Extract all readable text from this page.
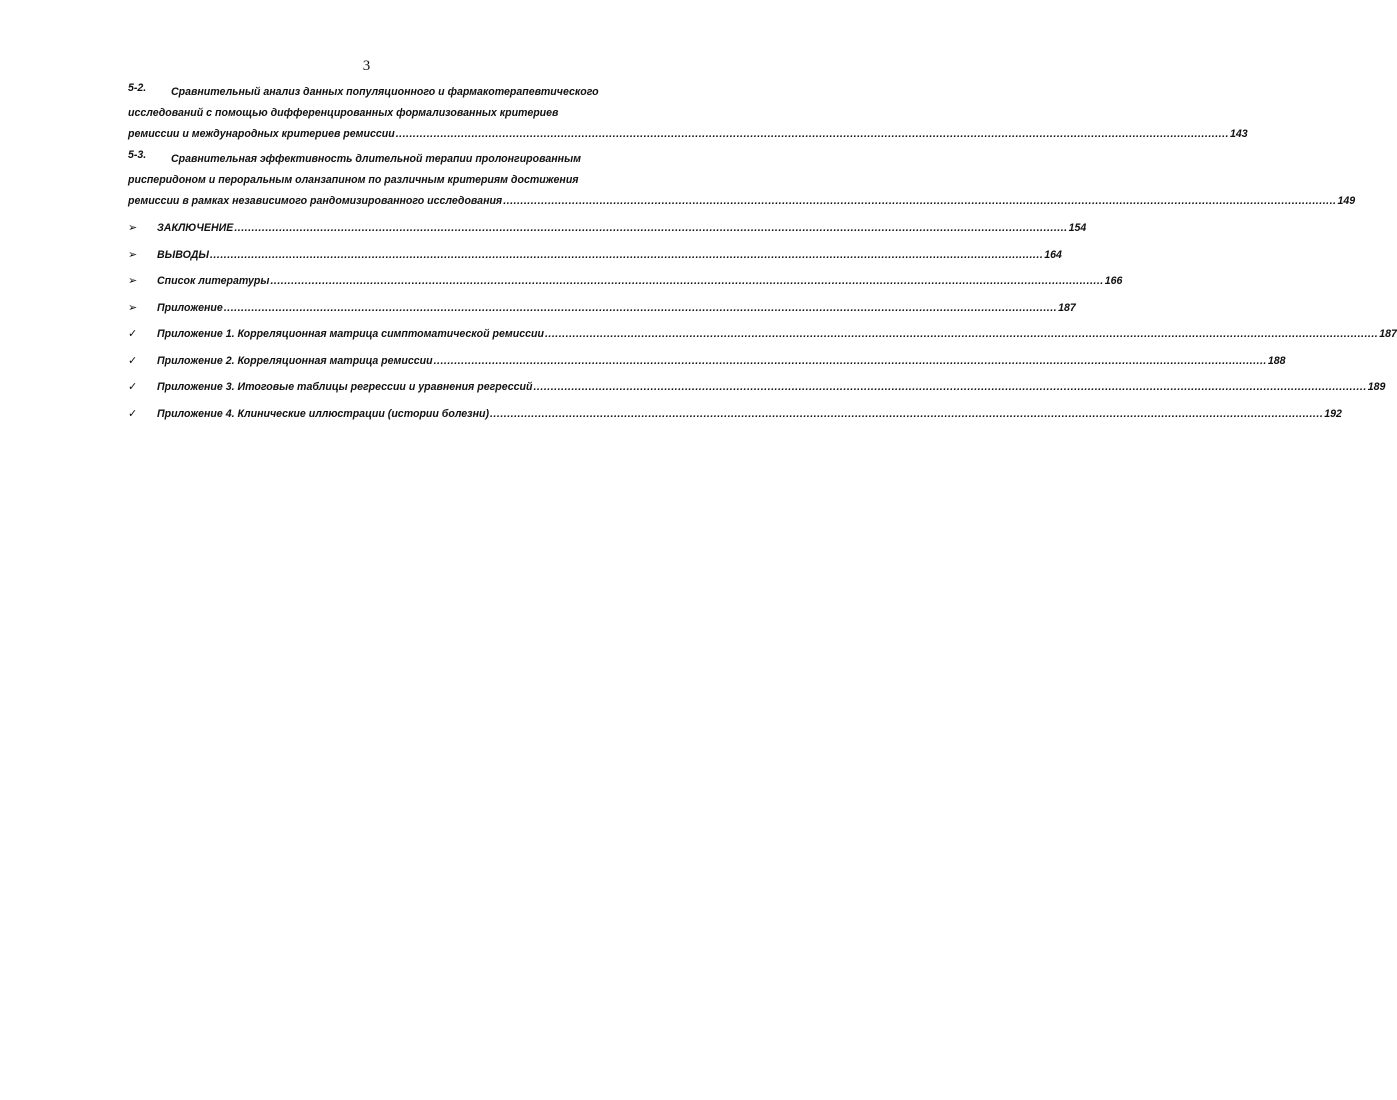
3
5-2.	Сравнительный анализ данных популяционного и фармакотерапевтического
исследований с помощью дифференцированных формализованных критериев
ремиссии и международных критериев ремиссии .....	143
5-3.	Сравнительная эффективность длительной терапии пролонгированным
рисперидоном и пероральным оланзапином по различным критериям достижения
ремиссии в рамках независимого рандомизированного исследования .....	149
➢	ЗАКЛЮЧЕНИЕ .....	154
➢	ВЫВОДЫ .....	164
➢	Список литературы .....	166
➢	Приложение .....	187
✓	Приложение 1. Корреляционная матрица симптоматической ремиссии .....	187
✓	Приложение 2. Корреляционная матрица ремиссии .....	188
✓	Приложение 3. Итоговые таблицы регрессии и уравнения регрессий .....	189
✓	Приложение 4. Клинические иллюстрации (истории болезни) .....	192
